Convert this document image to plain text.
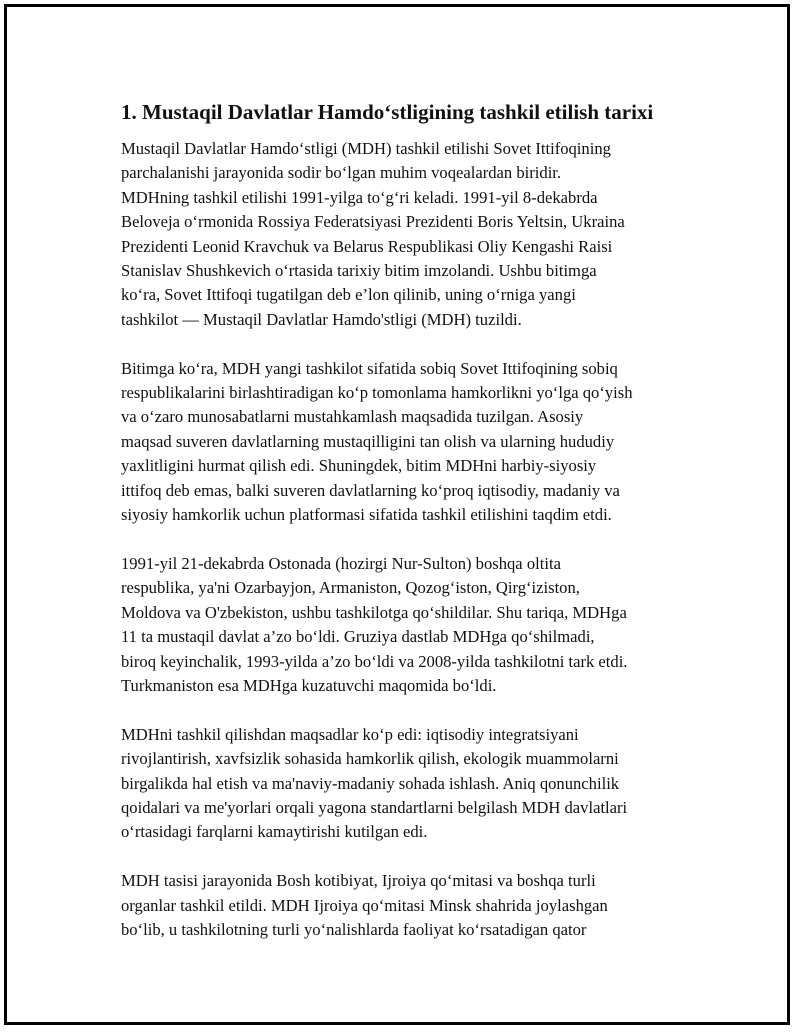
1. Mustaqil Davlatlar Hamdo‘stligining tashkil etilish tarixi

Mustaqil Davlatlar Hamdo‘stligi (MDH) tashkil etilishi Sovet Ittifoqining
parchalanishi jarayonida sodir bo‘lgan muhim voqealardan biridir.
MDHning tashkil etilishi 1991-yilga to‘g‘ri keladi. 1991-yil 8-dekabrda
Beloveja o‘rmonida Rossiya Federatsiyasi Prezidenti Boris Yeltsin, Ukraina
Prezidenti Leonid Kravchuk va Belarus Respublikasi Oliy Kengashi Raisi
Stanislav Shushkevich o‘rtasida tarixiy bitim imzolandi. Ushbu bitimga
ko‘ra, Sovet Ittifoqi tugatilgan deb e’lon qilinib, uning o‘rniga yangi
tashkilot — Mustaqil Davlatlar Hamdo'stligi (MDH) tuzildi.

Bitimga ko‘ra, MDH yangi tashkilot sifatida sobiq Sovet Ittifoqining sobiq
respublikalarini birlashtiradigan ko‘p tomonlama hamkorlikni yo‘lga qo‘yish
va o‘zaro munosabatlarni mustahkamlash maqsadida tuzilgan. Asosiy
maqsad suveren davlatlarning mustaqilligini tan olish va ularning hududiy
yaxlitligini hurmat qilish edi. Shuningdek, bitim MDHni harbiy-siyosiy
ittifoq deb emas, balki suveren davlatlarning ko‘proq iqtisodiy, madaniy va
siyosiy hamkorlik uchun platformasi sifatida tashkil etilishini taqdim etdi.

1991-yil 21-dekabrda Ostonada (hozirgi Nur-Sulton) boshqa oltita
respublika, ya'ni Ozarbayjon, Armaniston, Qozog‘iston, Qirg‘iziston,
Moldova va O'zbekiston, ushbu tashkilotga qo‘shildilar. Shu tariqa, MDHga
11 ta mustaqil davlat a’zo bo‘ldi. Gruziya dastlab MDHga qo‘shilmadi,
biroq keyinchalik, 1993-yilda a’zo bo‘ldi va 2008-yilda tashkilotni tark etdi.
Turkmaniston esa MDHga kuzatuvchi maqomida bo‘ldi.

MDHni tashkil qilishdan maqsadlar ko‘p edi: iqtisodiy integratsiyani
rivojlantirish, xavfsizlik sohasida hamkorlik qilish, ekologik muammolarni
birgalikda hal etish va ma'naviy-madaniy sohada ishlash. Aniq qonunchilik
qoidalari va me'yorlari orqali yagona standartlarni belgilash MDH davlatlari
o‘rtasidagi farqlarni kamaytirishi kutilgan edi.

MDH tasisi jarayonida Bosh kotibiyat, Ijroiya qo‘mitasi va boshqa turli
organlar tashkil etildi. MDH Ijroiya qo‘mitasi Minsk shahrida joylashgan
bo‘lib, u tashkilotning turli yo‘nalishlarda faoliyat ko‘rsatadigan qator
